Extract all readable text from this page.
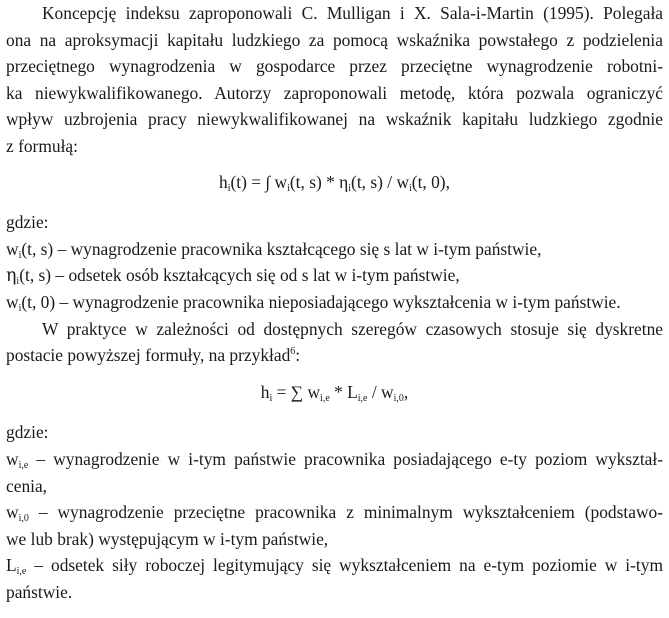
Koncepcję indeksu zaproponowali C. Mulligan i X. Sala-i-Martin (1995). Polegała
ona na aproksymacji kapitału ludzkiego za pomocą wskaźnika powstałego z podzielenia
przeciętnego wynagrodzenia w gospodarce przez przeciętne wynagrodzenie robotni-
ka niewykwalifikowanego. Autorzy zaproponowali metodę, która pozwala ograniczyć
wpływ uzbrojenia pracy niewykwalifikowanej na wskaźnik kapitału ludzkiego zgodnie
z formułą:
$h_i(t)$ = ∫ $w_i(t$, $s) * \eta_i(t$, $s) / w_i(t$, 0),
gdzie:
$w_i(t$, s) – wynagrodzenie pracownika kształcącego się s lat w i-tym państwie,
$\eta_i(t$, s) – odsetek osób kształcących się od s lat w i-tym państwie,
$w_i(t$, 0) – wynagrodzenie pracownika nieposiadającego wykształcenia w i-tym państwie.
W praktyce w zależności od dostępnych szeregów czasowych stosuje się dyskretne
postacie powyższej formuły, na przykład$^6$:
$h_i$ = ∑ $w_{i,e} * L_{i,e} / w_{i,0}$,
gdzie:
$w_{i,e}$ – wynagrodzenie w i-tym państwie pracownika posiadającego e-ty poziom wykształ-
cenia,
$w_{i,0}$ – wynagrodzenie przeciętne pracownika z minimalnym wykształceniem (podstawo-
we lub brak) występującym w i-tym państwie,
$L_{i,e}$ – odsetek siły roboczej legitymujący się wykształceniem na e-tym poziomie w i-tym
państwie.
